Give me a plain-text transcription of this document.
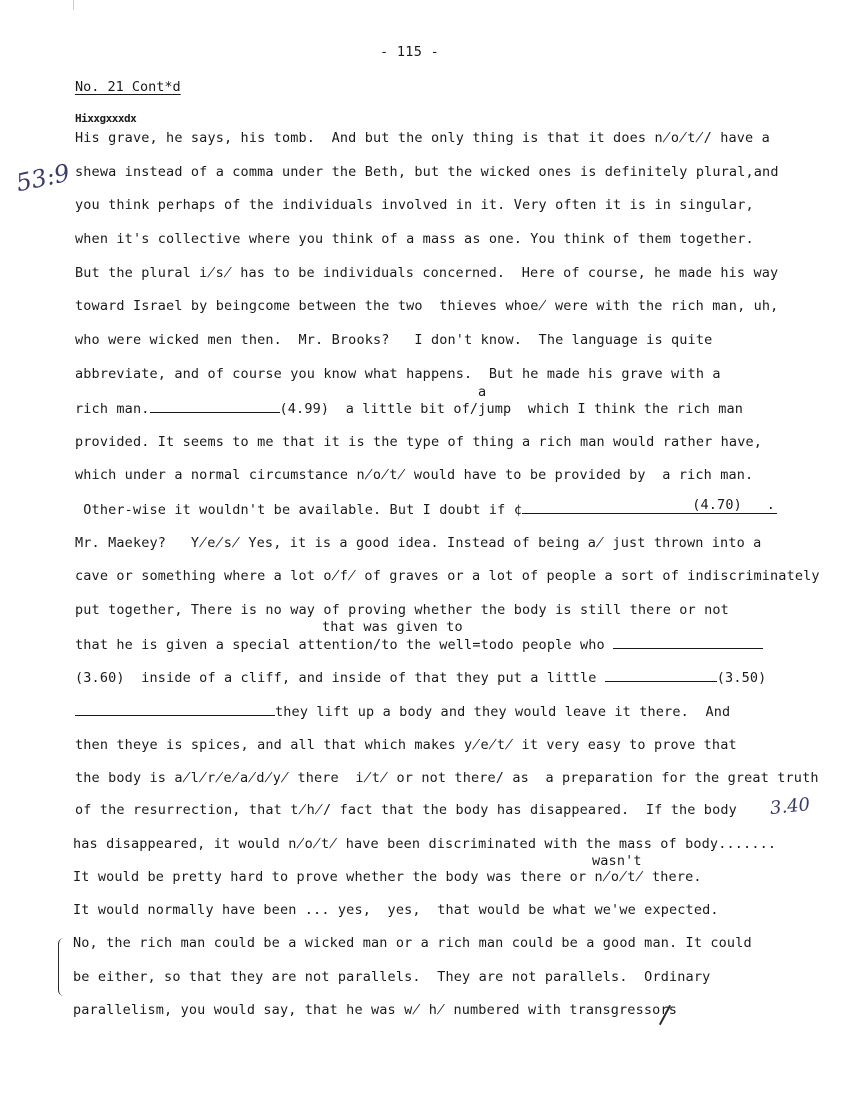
- 115 -
No. 21 Cont*d
Hixxgxxxdx
53:9
3.40
His grave, he says, his tomb.  And but the only thing is that it does n̸o̸t̸/ have a
shewa instead of a comma under the Beth, but the wicked ones is definitely plural,and
you think perhaps of the individuals involved in it. Very often it is in singular,
when it's collective where you think of a mass as one. You think of them together.
But the plural i̸s̸ has to be individuals concerned.  Here of course, he made his way
toward Israel by beingcome between the two  thieves whoe̸ were with the rich man, uh,
who were wicked men then.  Mr. Brooks?   I don't know.  The language is quite
abbreviate, and of course you know what happens.  But he made his grave with a
a
rich man.	(4.99)  a little bit of/jump  which I think the rich man
provided. It seems to me that it is the type of thing a rich man would rather have,
which under a normal circumstance n̸o̸t̸ would have to be provided by  a rich man.
Other-wise it wouldn't be available. But I doubt if ¢	(4.70)   .
Mr. Maekey?   Y̸e̸s̸ Yes, it is a good idea. Instead of being a̸ just thrown into a
cave or something where a lot o̸f̸ of graves or a lot of people a sort of indiscriminately
put together, There is no way of proving whether the body is still there or not
that was given to
that he is given a special attention/to the well=todo people who
(3.60)  inside of a cliff, and inside of that they put a little	(3.50)
they lift up a body and they would leave it there.  And
then theye is spices, and all that which makes y̸e̸t̸ it very easy to prove that
the body is a̸l̸r̸e̸a̸d̸y̸ there  i̸t̸ or not there/ as  a preparation for the great truth
of the resurrection, that t̸h̸/ fact that the body has disappeared.  If the body
has disappeared, it would n̸o̸t̸ have been discriminated with the mass of body.......
wasn't
It would be pretty hard to prove whether the body was there or n̸o̸t̸ there.
It would normally have been ... yes,  yes,  that would be what we'we expected.
No, the rich man could be a wicked man or a rich man could be a good man. It could
be either, so that they are not parallels.  They are not parallels.  Ordinary
parallelism, you would say, that he was w̸ h̸ numbered with transgressors
